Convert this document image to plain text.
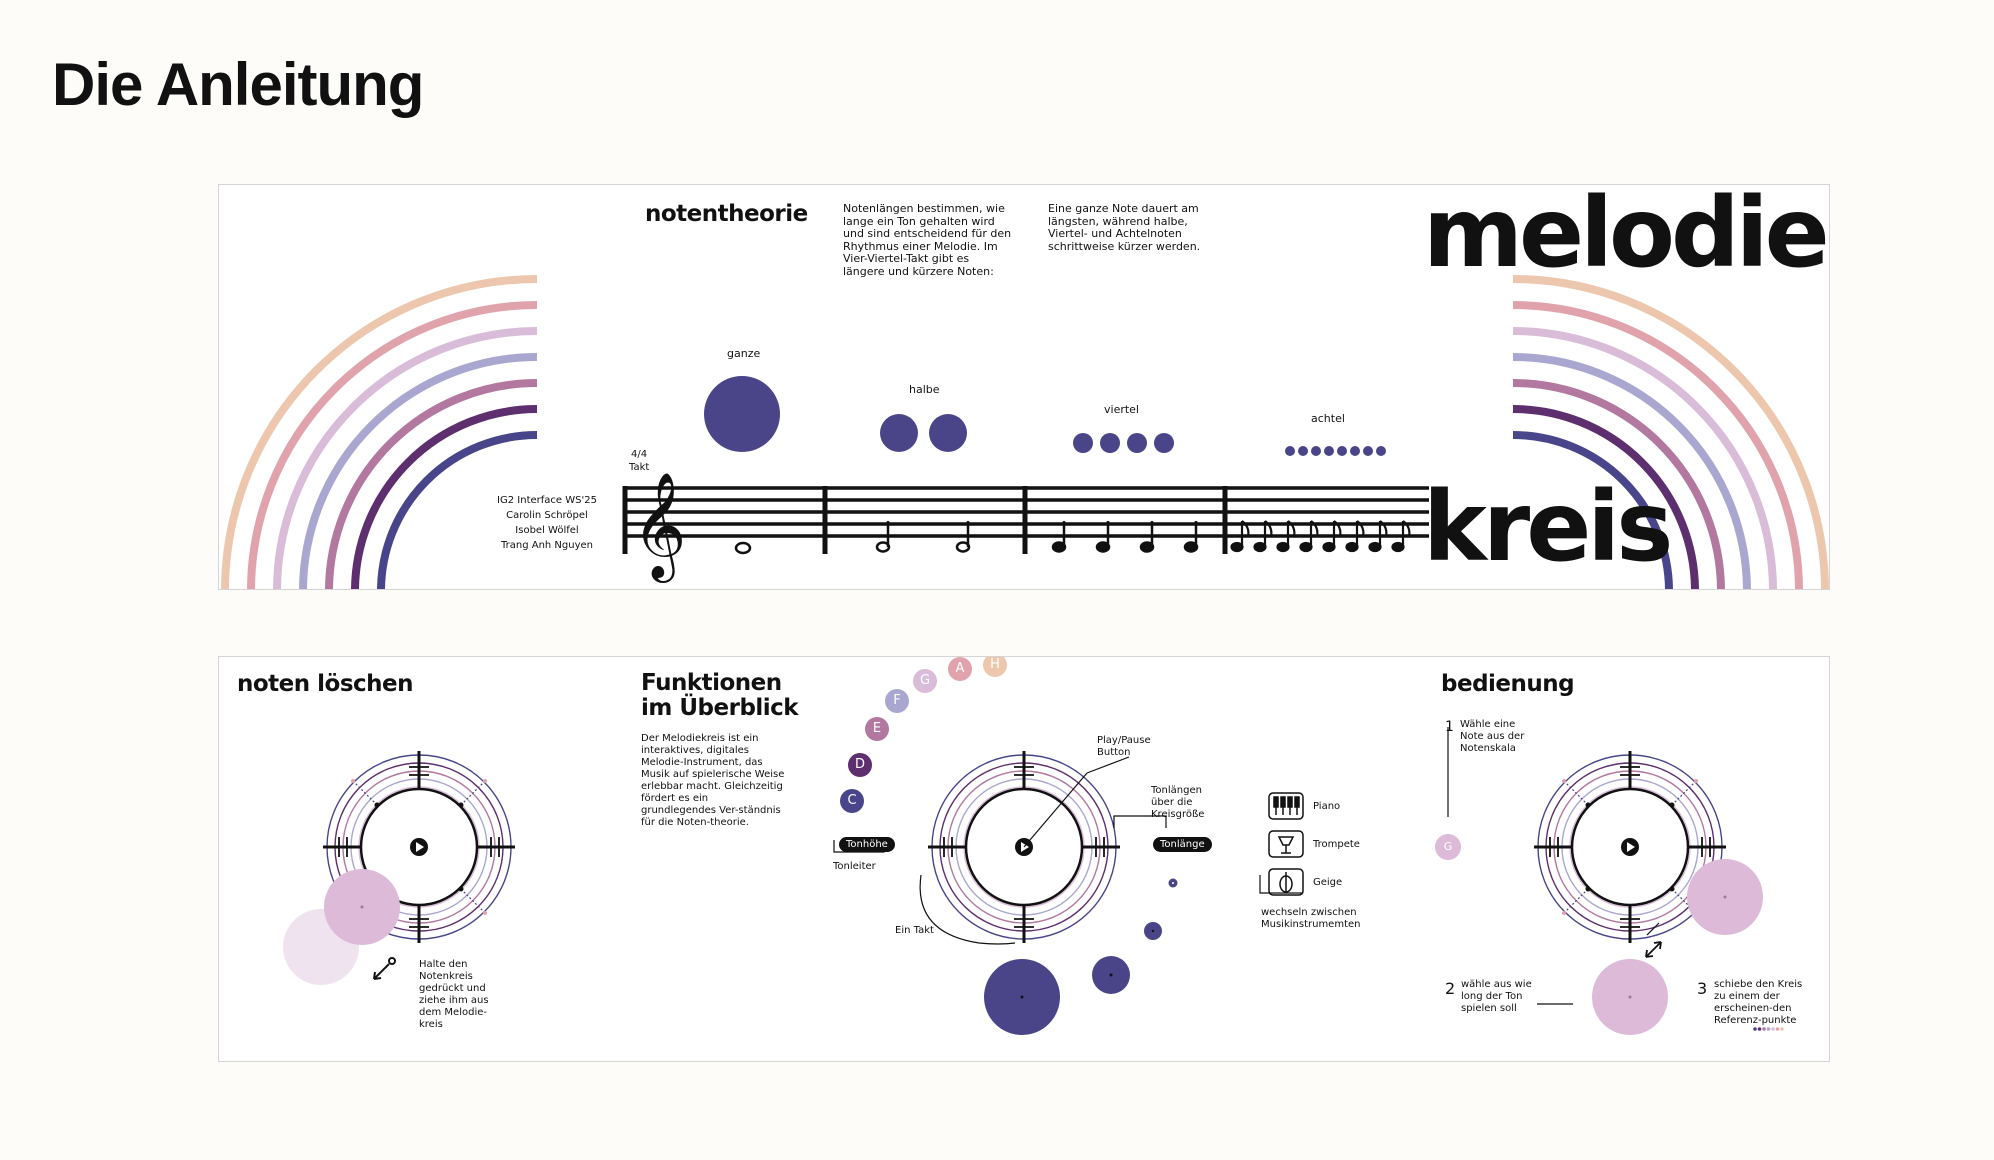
Die Anleitung
𝄞
notentheorie	Notenlängen bestimmen, wie lange ein Ton gehalten wird und sind entscheidend für den Rhythmus einer Melodie. Im Vier-Viertel-Takt gibt es längere und kürzere Noten:

Eine ganze Note dauert am längsten, während halbe, Viertel- und Achtelnoten schrittweise kürzer werden.

ganze
halbe
viertel
achtel
4/4
Takt
IG2 Interface WS'25
Carolin Schröpel
Isobel Wölfel
Trang Anh Nguyen
melodie
kreis
noten löschen

Halte den Notenkreis gedrückt und ziehe ihm aus dem Melodie-kreis

Funktionen
im Überblick

Der Melodiekreis ist ein interaktives, digitales Melodie-Instrument, das Musik auf spielerische Weise erlebbar macht. Gleichzeitig fördert es ein grundlegendes Ver-ständnis für die Noten-theorie.

C
D
E
F
G
A	H
Tonhöhe
Tonleiter
Ein Takt

Play/Pause Button

Tonlängen über die Kreisgröße

Tonlänge
Piano
Trompete
Geige

wechseln zwischen Musikinstrumemten

bedienung
1 Wähle eine Note aus der Notenskala

G
2 wähle aus wie long der Ton spielen soll

3 schiebe den Kreis zu einem der erscheinen-den Referenz-punkte
